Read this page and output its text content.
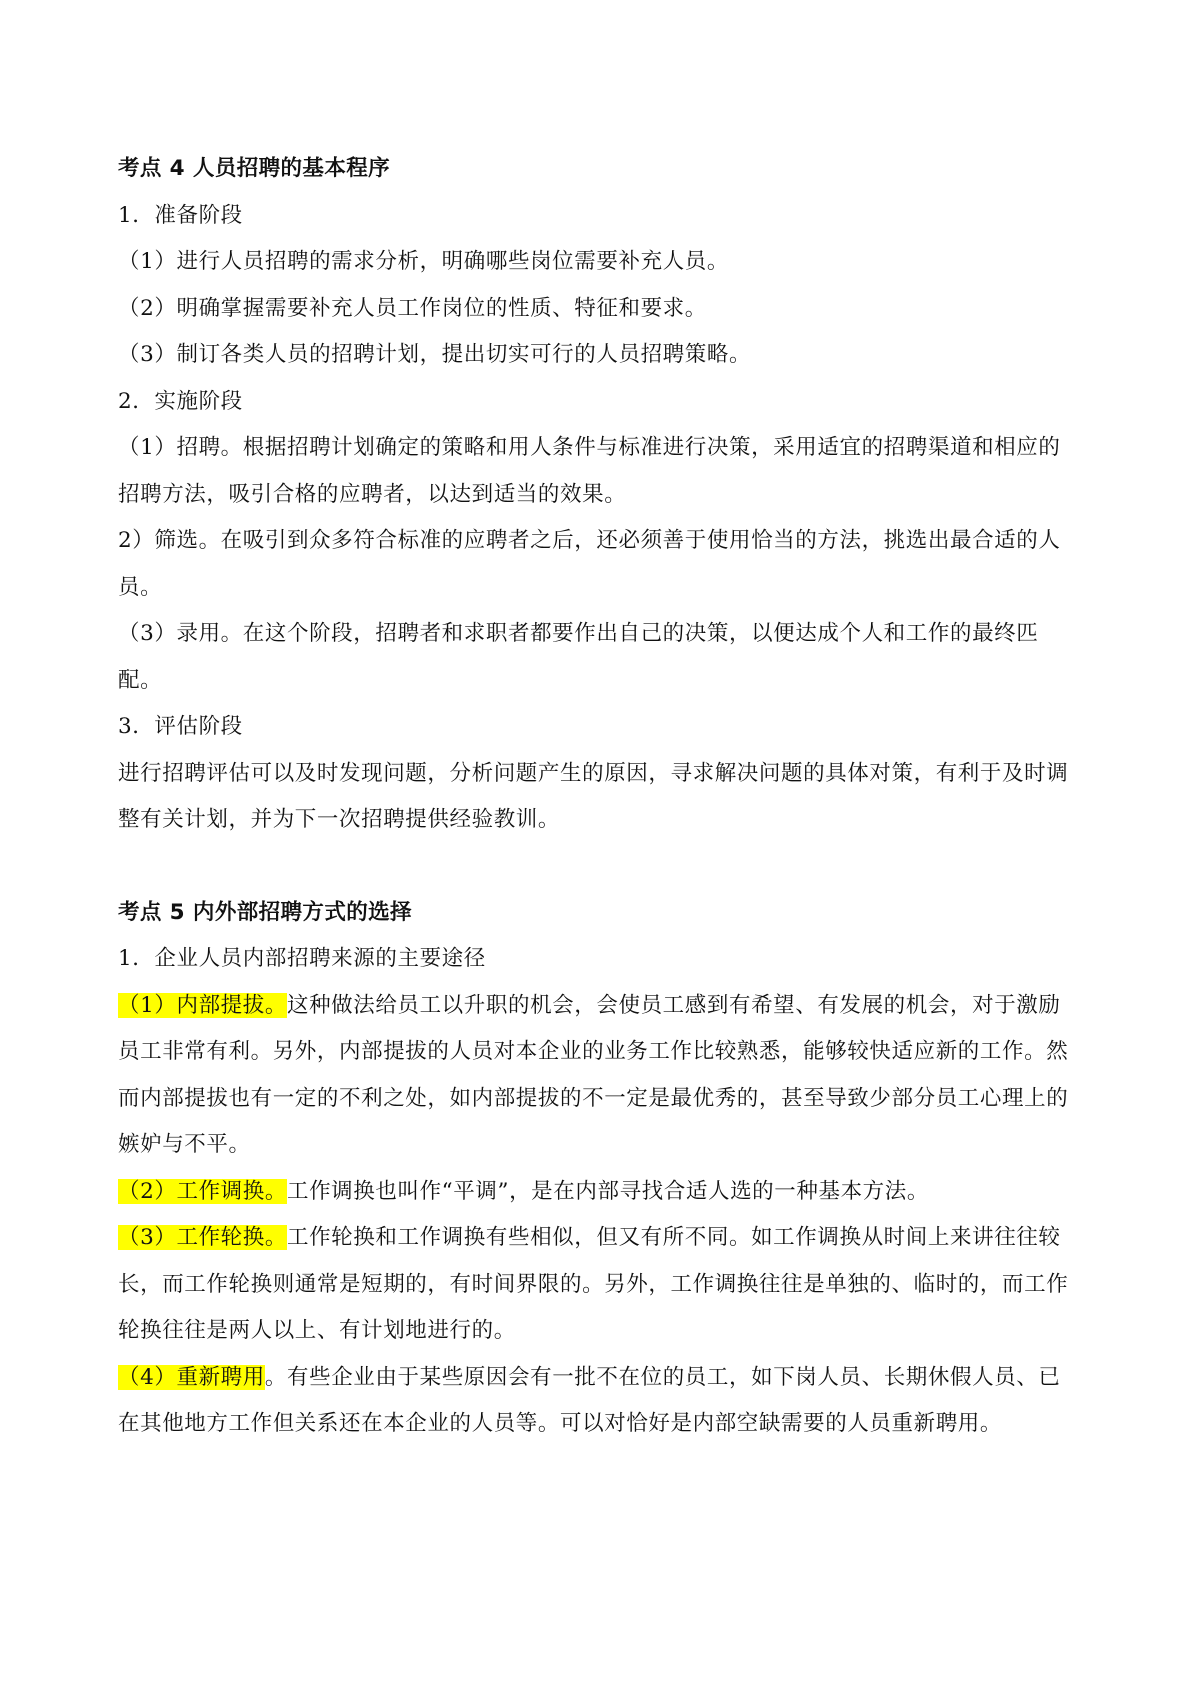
考点 4 人员招聘的基本程序

1．准备阶段

（1）进行人员招聘的需求分析，明确哪些岗位需要补充人员。

（2）明确掌握需要补充人员工作岗位的性质、特征和要求。

（3）制订各类人员的招聘计划，提出切实可行的人员招聘策略。

2．实施阶段

（1）招聘。根据招聘计划确定的策略和用人条件与标准进行决策，采用适宜的招聘渠道和相应的招聘方法，吸引合格的应聘者，以达到适当的效果。

2）筛选。在吸引到众多符合标准的应聘者之后，还必须善于使用恰当的方法，挑选出最合适的人员。

（3）录用。在这个阶段，招聘者和求职者都要作出自己的决策，以便达成个人和工作的最终匹配。

3．评估阶段

进行招聘评估可以及时发现问题，分析问题产生的原因，寻求解决问题的具体对策，有利于及时调整有关计划，并为下一次招聘提供经验教训。

考点 5 内外部招聘方式的选择

1．企业人员内部招聘来源的主要途径

（1）内部提拔。这种做法给员工以升职的机会，会使员工感到有希望、有发展的机会，对于激励员工非常有利。另外，内部提拔的人员对本企业的业务工作比较熟悉，能够较快适应新的工作。然而内部提拔也有一定的不利之处，如内部提拔的不一定是最优秀的，甚至导致少部分员工心理上的嫉妒与不平。

（2）工作调换。工作调换也叫作“平调”，是在内部寻找合适人选的一种基本方法。

（3）工作轮换。工作轮换和工作调换有些相似，但又有所不同。如工作调换从时间上来讲往往较长，而工作轮换则通常是短期的，有时间界限的。另外，工作调换往往是单独的、临时的，而工作轮换往往是两人以上、有计划地进行的。

（4）重新聘用。有些企业由于某些原因会有一批不在位的员工，如下岗人员、长期休假人员、已在其他地方工作但关系还在本企业的人员等。可以对恰好是内部空缺需要的人员重新聘用。
